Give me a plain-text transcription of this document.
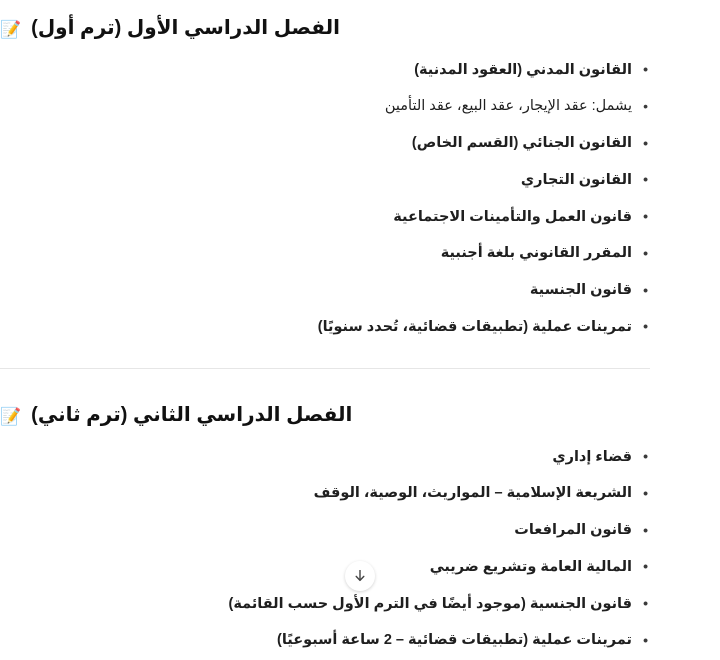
📝 الفصل الدراسي الأول (ترم أول)
• القانون المدني (العقود المدنية)
• يشمل: عقد الإيجار، عقد البيع، عقد التأمين
• القانون الجنائي (القسم الخاص)
• القانون التجاري
• قانون العمل والتأمينات الاجتماعية
• المقرر القانوني بلغة أجنبية
• قانون الجنسية
• تمرينات عملية (تطبيقات قضائية، تُحدد سنويًا)
📝 الفصل الدراسي الثاني (ترم ثاني)
• قضاء إداري
• الشريعة الإسلامية – المواريث، الوصية، الوقف
• قانون المرافعات
• المالية العامة وتشريع ضريبي
• قانون الجنسية (موجود أيضًا في الترم الأول حسب القائمة)
• تمرينات عملية (تطبيقات قضائية – 2 ساعة أسبوعيًا)
